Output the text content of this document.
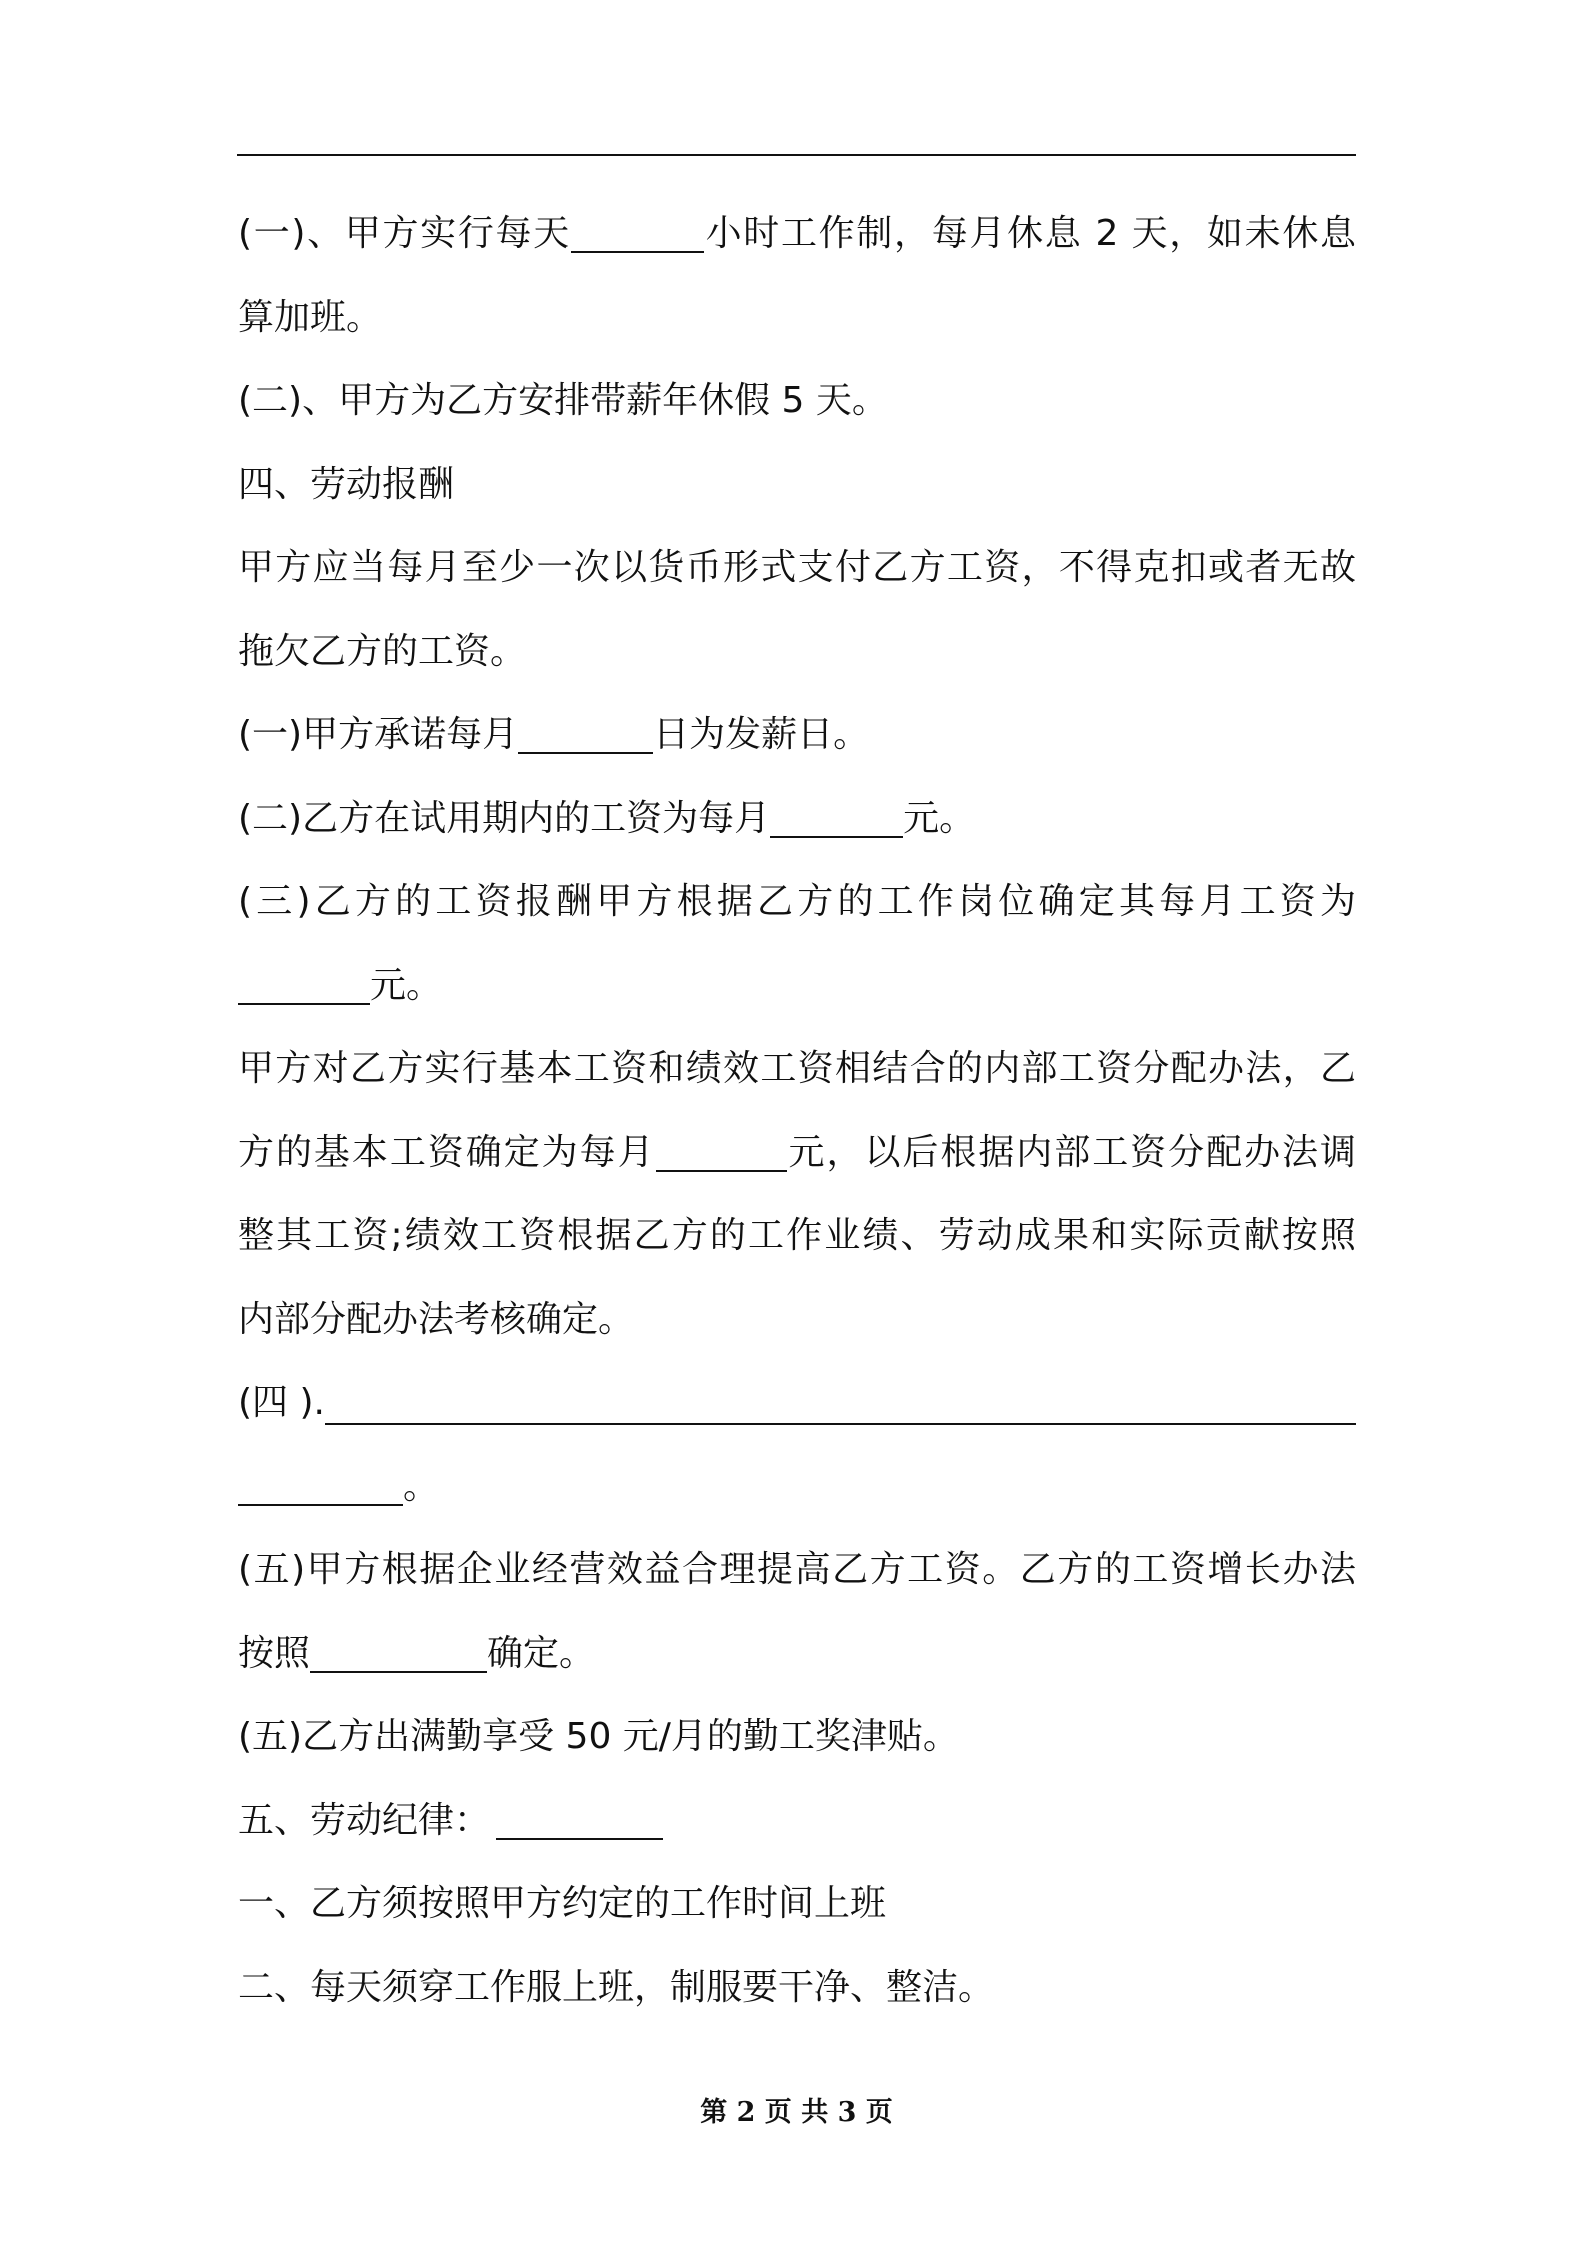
(一)、甲方实行每天	小时工作制，每月休息 2 天，如未休息
算加班。
(二)、甲方为乙方安排带薪年休假 5 天。
四、劳动报酬
甲方应当每月至少一次以货币形式支付乙方工资，不得克扣或者无故
拖欠乙方的工资。
(一)甲方承诺每月	日为发薪日。
(二)乙方在试用期内的工资为每月	元。
(三)乙方的工资报酬甲方根据乙方的工作岗位确定其每月工资为
元。
甲方对乙方实行基本工资和绩效工资相结合的内部工资分配办法，乙
方的基本工资确定为每月	元，以后根据内部工资分配办法调
整其工资;绩效工资根据乙方的工作业绩、劳动成果和实际贡献按照
内部分配办法考核确定。
(四 ).
。
(五)甲方根据企业经营效益合理提高乙方工资。乙方的工资增长办法
按照	确定。
(五)乙方出满勤享受 50 元/月的勤工奖津贴。
五、劳动纪律：
一、乙方须按照甲方约定的工作时间上班
二、每天须穿工作服上班，制服要干净、整洁。
第 2 页 共 3 页
